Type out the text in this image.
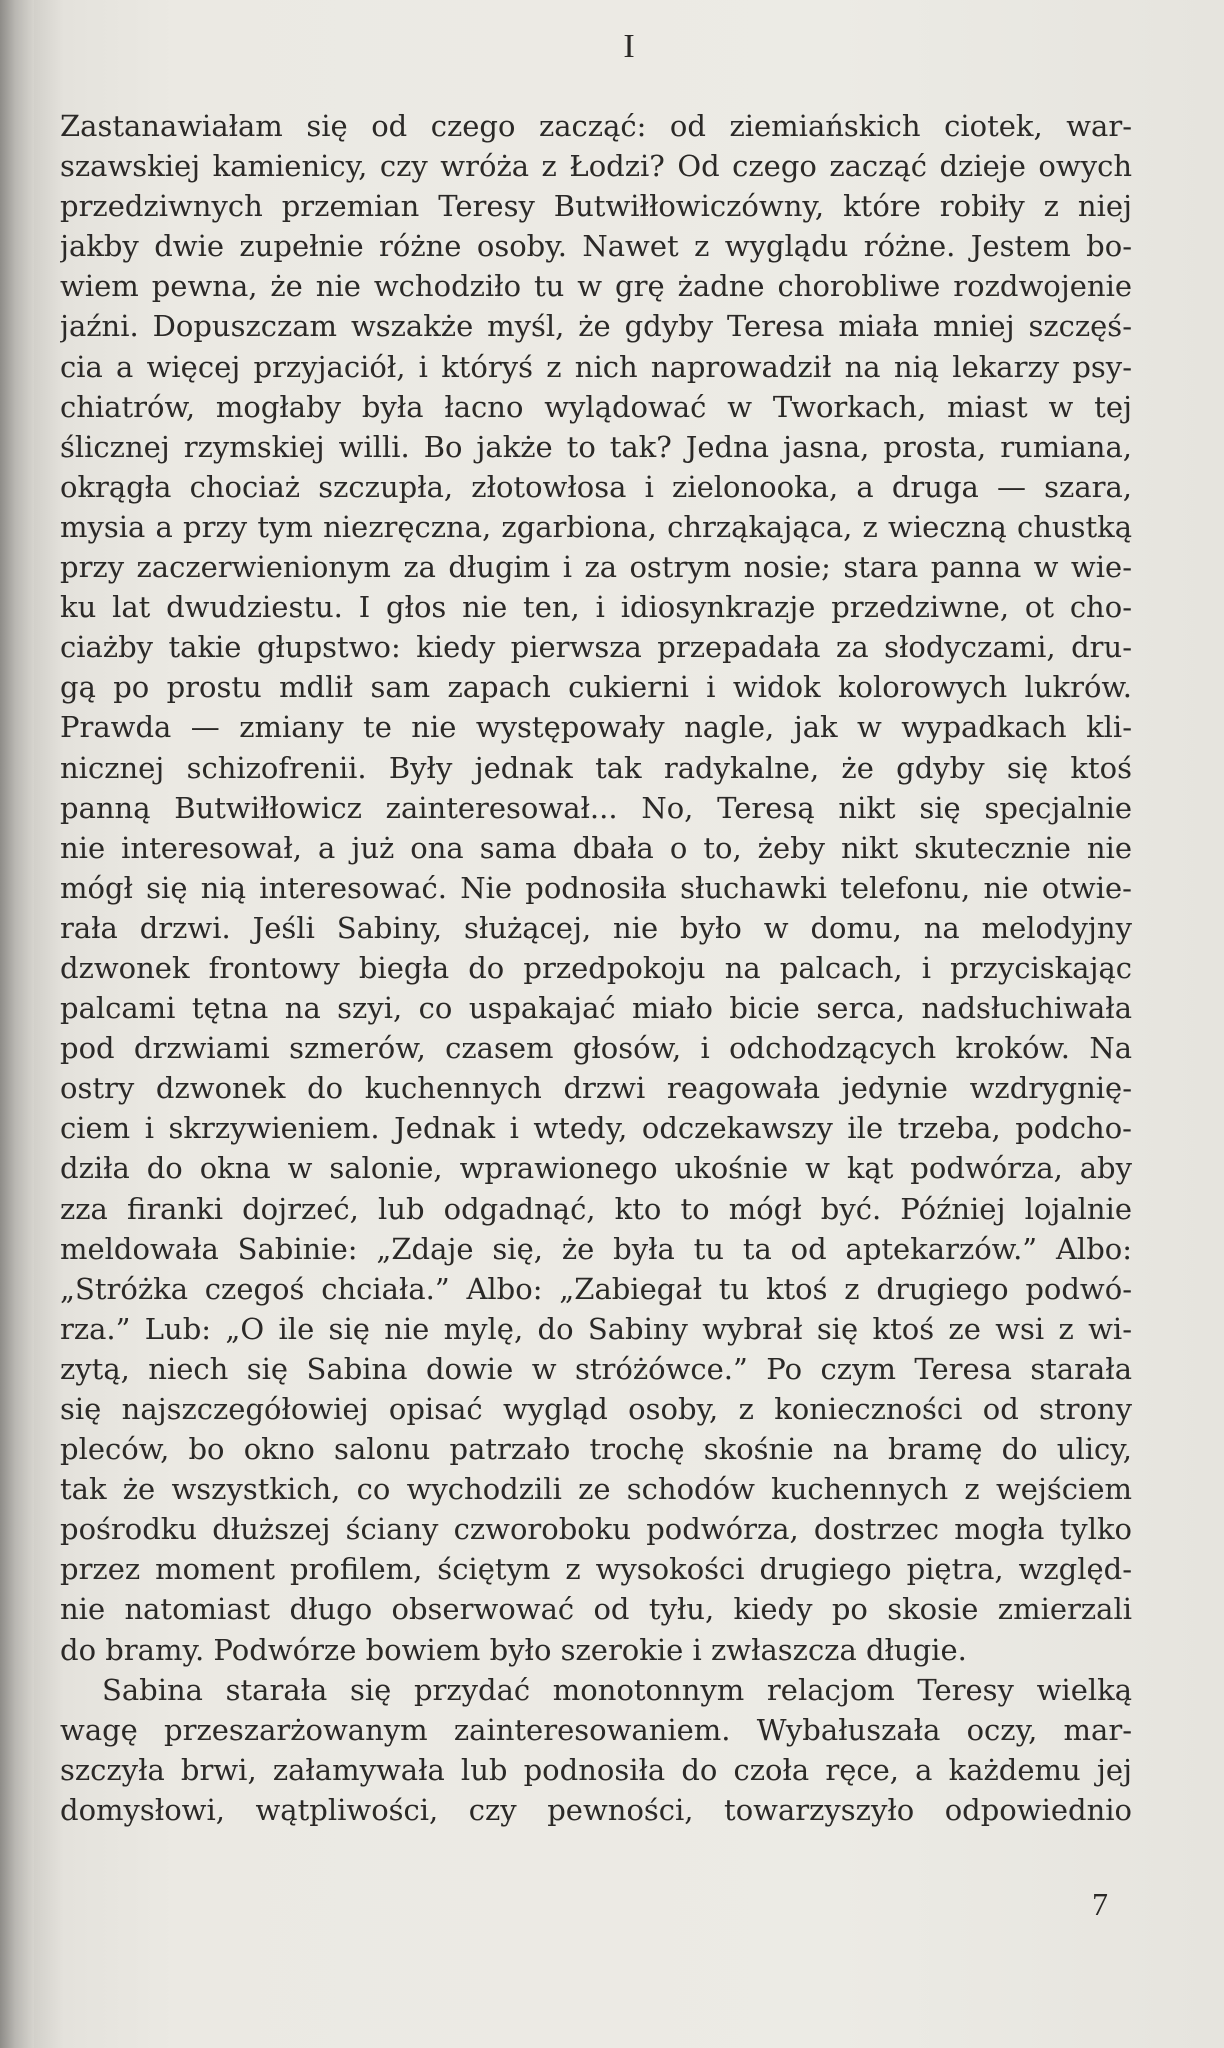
I
Zastanawiałam się od czego zacząć: od ziemiańskich ciotek, war-
szawskiej kamienicy, czy wróża z Łodzi? Od czego zacząć dzieje owych
przedziwnych przemian Teresy Butwiłłowiczówny, które robiły z niej
jakby dwie zupełnie różne osoby. Nawet z wyglądu różne. Jestem bo-
wiem pewna, że nie wchodziło tu w grę żadne chorobliwe rozdwojenie
jaźni. Dopuszczam wszakże myśl, że gdyby Teresa miała mniej szczęś-
cia a więcej przyjaciół, i któryś z nich naprowadził na nią lekarzy psy-
chiatrów, mogłaby była łacno wylądować w Tworkach, miast w tej
ślicznej rzymskiej willi. Bo jakże to tak? Jedna jasna, prosta, rumiana,
okrągła chociaż szczupła, złotowłosa i zielonooka, a druga — szara,
mysia a przy tym niezręczna, zgarbiona, chrząkająca, z wieczną chustką
przy zaczerwienionym za długim i za ostrym nosie; stara panna w wie-
ku lat dwudziestu. I głos nie ten, i idiosynkrazje przedziwne, ot cho-
ciażby takie głupstwo: kiedy pierwsza przepadała za słodyczami, dru-
gą po prostu mdlił sam zapach cukierni i widok kolorowych lukrów.
Prawda — zmiany te nie występowały nagle, jak w wypadkach kli-
nicznej schizofrenii. Były jednak tak radykalne, że gdyby się ktoś
panną Butwiłłowicz zainteresował... No, Teresą nikt się specjalnie
nie interesował, a już ona sama dbała o to, żeby nikt skutecznie nie
mógł się nią interesować. Nie podnosiła słuchawki telefonu, nie otwie-
rała drzwi. Jeśli Sabiny, służącej, nie było w domu, na melodyjny
dzwonek frontowy biegła do przedpokoju na palcach, i przyciskając
palcami tętna na szyi, co uspakajać miało bicie serca, nadsłuchiwała
pod drzwiami szmerów, czasem głosów, i odchodzących kroków. Na
ostry dzwonek do kuchennych drzwi reagowała jedynie wzdrygnię-
ciem i skrzywieniem. Jednak i wtedy, odczekawszy ile trzeba, podcho-
dziła do okna w salonie, wprawionego ukośnie w kąt podwórza, aby
zza firanki dojrzeć, lub odgadnąć, kto to mógł być. Później lojalnie
meldowała Sabinie: „Zdaje się, że była tu ta od aptekarzów.” Albo:
„Stróżka czegoś chciała.” Albo: „Zabiegał tu ktoś z drugiego podwó-
rza.” Lub: „O ile się nie mylę, do Sabiny wybrał się ktoś ze wsi z wi-
zytą, niech się Sabina dowie w stróżówce.” Po czym Teresa starała
się najszczegółowiej opisać wygląd osoby, z konieczności od strony
pleców, bo okno salonu patrzało trochę skośnie na bramę do ulicy,
tak że wszystkich, co wychodzili ze schodów kuchennych z wejściem
pośrodku dłuższej ściany czworoboku podwórza, dostrzec mogła tylko
przez moment profilem, ściętym z wysokości drugiego piętra, względ-
nie natomiast długo obserwować od tyłu, kiedy po skosie zmierzali
do bramy. Podwórze bowiem było szerokie i zwłaszcza długie.
Sabina starała się przydać monotonnym relacjom Teresy wielką
wagę przeszarżowanym zainteresowaniem. Wybałuszała oczy, mar-
szczyła brwi, załamywała lub podnosiła do czoła ręce, a każdemu jej
domysłowi, wątpliwości, czy pewności, towarzyszyło odpowiednio
7
